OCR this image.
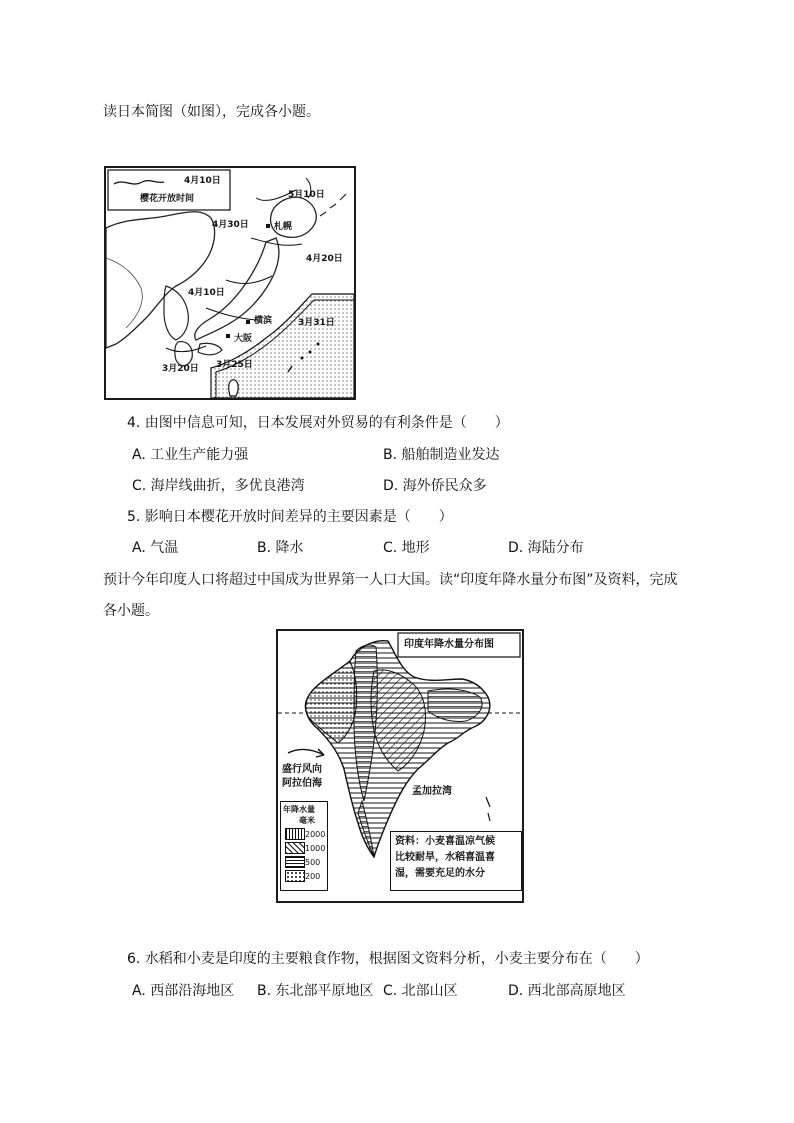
读日本简图（如图），完成各小题。
4月10日
樱花开放时间	5月10日
4月30日	札幌
4月20日
4月10日
横滨	3月31日
大阪
3月20日 3月25日
4. 由图中信息可知，日本发展对外贸易的有利条件是（　　）
A. 工业生产能力强	B. 船舶制造业发达
C. 海岸线曲折，多优良港湾	D. 海外侨民众多
5. 影响日本樱花开放时间差异的主要因素是（　　）
A. 气温	B. 降水	C. 地形	D. 海陆分布
预计今年印度人口将超过中国成为世界第一人口大国。读“印度年降水量分布图”及资料，完成
各小题。
印度年降水量分布图
盛行风向
阿拉伯海
孟加拉湾
年降水量
毫米
2000
1000
500
200
资料：小麦喜温凉气候
比较耐旱，水稻喜温喜
湿，需要充足的水分
6. 水稻和小麦是印度的主要粮食作物，根据图文资料分析，小麦主要分布在（　　）
A. 西部沿海地区 B. 东北部平原地区 C. 北部山区	D. 西北部高原地区
